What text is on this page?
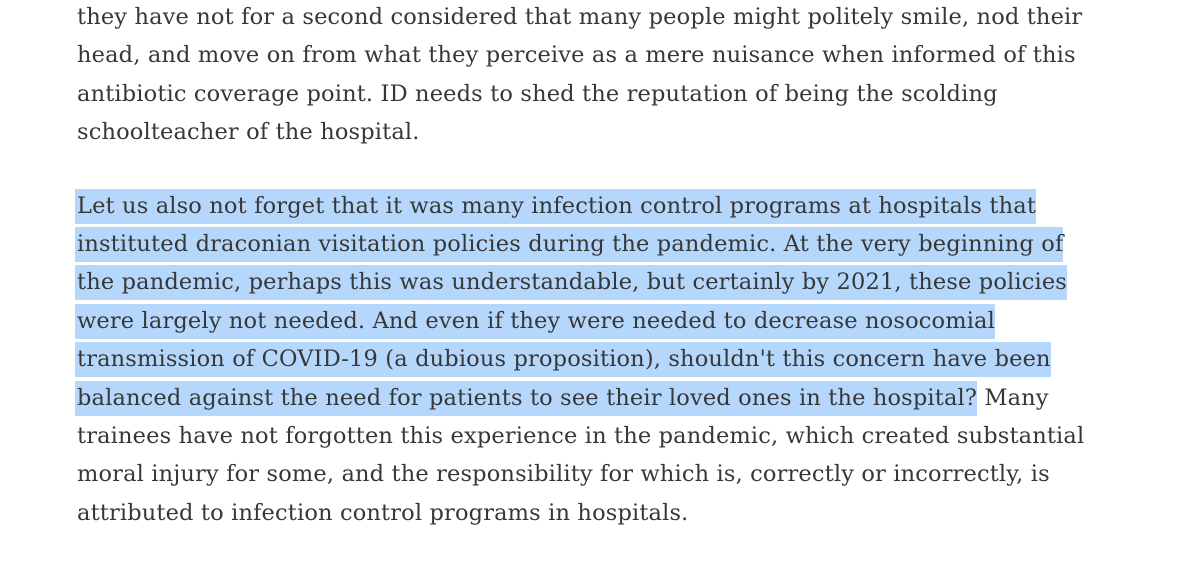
they have not for a second considered that many people might politely smile, nod their
head, and move on from what they perceive as a mere nuisance when informed of this
antibiotic coverage point. ID needs to shed the reputation of being the scolding
schoolteacher of the hospital.
Let us also not forget that it was many infection control programs at hospitals that
instituted draconian visitation policies during the pandemic. At the very beginning of
the pandemic, perhaps this was understandable, but certainly by 2021, these policies
were largely not needed. And even if they were needed to decrease nosocomial
transmission of COVID-19 (a dubious proposition), shouldn't this concern have been
balanced against the need for patients to see their loved ones in the hospital? Many
trainees have not forgotten this experience in the pandemic, which created substantial
moral injury for some, and the responsibility for which is, correctly or incorrectly, is
attributed to infection control programs in hospitals.
